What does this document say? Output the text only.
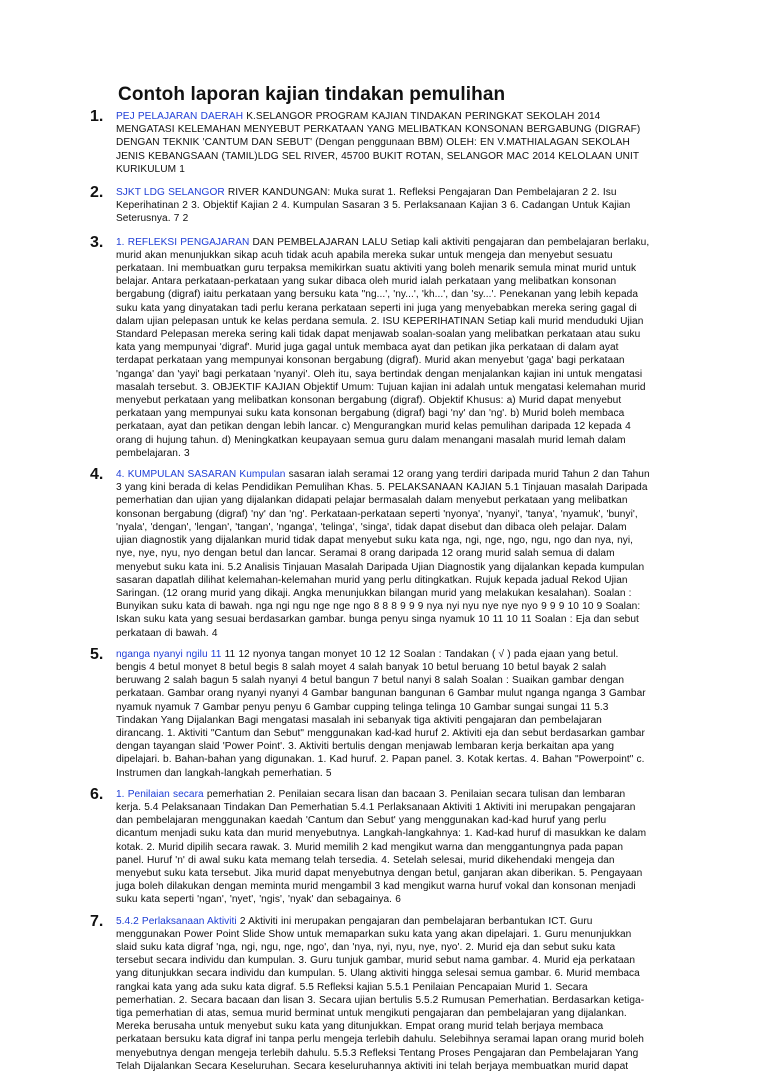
Contoh laporan kajian tindakan pemulihan
1.	PEJ PELAJARAN DAERAH K.SELANGOR PROGRAM KAJIAN TINDAKAN PERINGKAT SEKOLAH 2014 MENGATASI KELEMAHAN MENYEBUT PERKATAAN YANG MELIBATKAN KONSONAN BERGABUNG (DIGRAF) DENGAN TEKNIK 'CANTUM DAN SEBUT' (Dengan penggunaan BBM) OLEH: EN V.MATHIALAGAN SEKOLAH JENIS KEBANGSAAN (TAMIL)LDG SEL RIVER, 45700 BUKIT ROTAN, SELANGOR MAC 2014 KELOLAAN UNIT KURIKULUM 1
2.	SJKT LDG SELANGOR RIVER KANDUNGAN: Muka surat 1. Refleksi Pengajaran Dan Pembelajaran 2 2. Isu Keperihatinan 2 3. Objektif Kajian 2 4. Kumpulan Sasaran 3 5. Perlaksanaan Kajian 3 6. Cadangan Untuk Kajian Seterusnya. 7 2
3.	1. REFLEKSI PENGAJARAN DAN PEMBELAJARAN LALU Setiap kali aktiviti pengajaran dan pembelajaran berlaku, murid akan menunjukkan sikap acuh tidak acuh apabila mereka sukar untuk mengeja dan menyebut sesuatu perkataan. Ini membuatkan guru terpaksa memikirkan suatu aktiviti yang boleh menarik semula minat murid untuk belajar. Antara perkataan-perkataan yang sukar dibaca oleh murid ialah perkataan yang melibatkan konsonan bergabung (digraf) iaitu perkataan yang bersuku kata "ng...', 'ny...', 'kh...', dan 'sy...'. Penekanan yang lebih kepada suku kata yang dinyatakan tadi perlu kerana perkataan seperti ini juga yang menyebabkan mereka sering gagal di dalam ujian pelepasan untuk ke kelas perdana semula. 2. ISU KEPERIHATINAN Setiap kali murid menduduki Ujian Standard Pelepasan mereka sering kali tidak dapat menjawab soalan-soalan yang melibatkan perkataan atau suku kata yang mempunyai 'digraf'. Murid juga gagal untuk membaca ayat dan petikan jika perkataan di dalam ayat terdapat perkataan yang mempunyai konsonan bergabung (digraf). Murid akan menyebut 'gaga' bagi perkataan 'nganga' dan 'yayi' bagi perkataan 'nyanyi'. Oleh itu, saya bertindak dengan menjalankan kajian ini untuk mengatasi masalah tersebut. 3. OBJEKTIF KAJIAN Objektif Umum: Tujuan kajian ini adalah untuk mengatasi kelemahan murid menyebut perkataan yang melibatkan konsonan bergabung (digraf). Objektif Khusus: a) Murid dapat menyebut perkataan yang mempunyai suku kata konsonan bergabung (digraf) bagi 'ny' dan 'ng'. b) Murid boleh membaca perkataan, ayat dan petikan dengan lebih lancar. c) Mengurangkan murid kelas pemulihan daripada 12 kepada 4 orang di hujung tahun. d) Meningkatkan keupayaan semua guru dalam menangani masalah murid lemah dalam pembelajaran. 3
4.	4. KUMPULAN SASARAN Kumpulan sasaran ialah seramai 12 orang yang terdiri daripada murid Tahun 2 dan Tahun 3 yang kini berada di kelas Pendidikan Pemulihan Khas. 5. PELAKSANAAN KAJIAN 5.1 Tinjauan masalah Daripada pemerhatian dan ujian yang dijalankan didapati pelajar bermasalah dalam menyebut perkataan yang melibatkan konsonan bergabung (digraf) 'ny' dan 'ng'. Perkataan-perkataan seperti 'nyonya', 'nyanyi', 'tanya', 'nyamuk', 'bunyi', 'nyala', 'dengan', 'lengan', 'tangan', 'nganga', 'telinga', 'singa', tidak dapat disebut dan dibaca oleh pelajar. Dalam ujian diagnostik yang dijalankan murid tidak dapat menyebut suku kata nga, ngi, nge, ngo, ngu, ngo dan nya, nyi, nye, nye, nyu, nyo dengan betul dan lancar. Seramai 8 orang daripada 12 orang murid salah semua di dalam menyebut suku kata ini. 5.2 Analisis Tinjauan Masalah Daripada Ujian Diagnostik yang dijalankan kepada kumpulan sasaran dapatlah dilihat kelemahan-kelemahan murid yang perlu ditingkatkan. Rujuk kepada jadual Rekod Ujian Saringan. (12 orang murid yang dikaji. Angka menunjukkan bilangan murid yang melakukan kesalahan). Soalan : Bunyikan suku kata di bawah. nga ngi ngu nge nge ngo 8 8 8 9 9 9 nya nyi nyu nye nye nyo 9 9 9 10 10 9 Soalan: Iskan suku kata yang sesuai berdasarkan gambar. bunga penyu singa nyamuk 10 11 10 11 Soalan : Eja dan sebut perkataan di bawah. 4
5.	nganga nyanyi ngilu 11 11 12 nyonya tangan monyet 10 12 12 Soalan : Tandakan ( √ ) pada ejaan yang betul. bengis 4 betul monyet 8 betul begis 8 salah moyet 4 salah banyak 10 betul beruang 10 betul bayak 2 salah beruwang 2 salah bagun 5 salah nyanyi 4 betul bangun 7 betul nanyi 8 salah Soalan : Suaikan gambar dengan perkataan. Gambar orang nyanyi nyanyi 4 Gambar bangunan bangunan 6 Gambar mulut nganga nganga 3 Gambar nyamuk nyamuk 7 Gambar penyu penyu 6 Gambar cupping telinga telinga 10 Gambar sungai sungai 11 5.3 Tindakan Yang Dijalankan Bagi mengatasi masalah ini sebanyak tiga aktiviti pengajaran dan pembelajaran dirancang. 1. Aktiviti "Cantum dan Sebut" menggunakan kad-kad huruf 2. Aktiviti eja dan sebut berdasarkan gambar dengan tayangan slaid 'Power Point'. 3. Aktiviti bertulis dengan menjawab lembaran kerja berkaitan apa yang dipelajari. b. Bahan-bahan yang digunakan. 1. Kad huruf. 2. Papan panel. 3. Kotak kertas. 4. Bahan "Powerpoint" c. Instrumen dan langkah-langkah pemerhatian. 5
6.	1. Penilaian secara pemerhatian 2. Penilaian secara lisan dan bacaan 3. Penilaian secara tulisan dan lembaran kerja. 5.4 Pelaksanaan Tindakan Dan Pemerhatian 5.4.1 Perlaksanaan Aktiviti 1 Aktiviti ini merupakan pengajaran dan pembelajaran menggunakan kaedah 'Cantum dan Sebut' yang menggunakan kad-kad huruf yang perlu dicantum menjadi suku kata dan murid menyebutnya. Langkah-langkahnya: 1. Kad-kad huruf di masukkan ke dalam kotak. 2. Murid dipilih secara rawak. 3. Murid memilih 2 kad mengikut warna dan menggantungnya pada papan panel. Huruf 'n' di awal suku kata memang telah tersedia. 4. Setelah selesai, murid dikehendaki mengeja dan menyebut suku kata tersebut. Jika murid dapat menyebutnya dengan betul, ganjaran akan diberikan. 5. Pengayaan juga boleh dilakukan dengan meminta murid mengambil 3 kad mengikut warna huruf vokal dan konsonan menjadi suku kata seperti 'ngan', 'nyet', 'ngis', 'nyak' dan sebagainya. 6
7.	5.4.2 Perlaksanaan Aktiviti 2 Aktiviti ini merupakan pengajaran dan pembelajaran berbantukan ICT. Guru menggunakan Power Point Slide Show untuk memaparkan suku kata yang akan dipelajari. 1. Guru menunjukkan slaid suku kata digraf 'nga, ngi, ngu, nge, ngo', dan 'nya, nyi, nyu, nye, nyo'. 2. Murid eja dan sebut suku kata tersebut secara individu dan kumpulan. 3. Guru tunjuk gambar, murid sebut nama gambar. 4. Murid eja perkataan yang ditunjukkan secara individu dan kumpulan. 5. Ulang aktiviti hingga selesai semua gambar. 6. Murid membaca rangkai kata yang ada suku kata digraf. 5.5 Refleksi kajian 5.5.1 Penilaian Pencapaian Murid 1. Secara pemerhatian. 2. Secara bacaan dan lisan 3. Secara ujian bertulis 5.5.2 Rumusan Pemerhatian. Berdasarkan ketiga-tiga pemerhatian di atas, semua murid berminat untuk mengikuti pengajaran dan pembelajaran yang dijalankan. Mereka berusaha untuk menyebut suku kata yang ditunjukkan. Empat orang murid telah berjaya membaca perkataan bersuku kata digraf ini tanpa perlu mengeja terlebih dahulu. Selebihnya seramai lapan orang murid boleh menyebutnya dengan mengeja terlebih dahulu. 5.5.3 Refleksi Tentang Proses Pengajaran dan Pembelajaran Yang Telah Dijalankan Secara Keseluruhan. Secara keseluruhannya aktiviti ini telah berjaya membuatkan murid dapat
